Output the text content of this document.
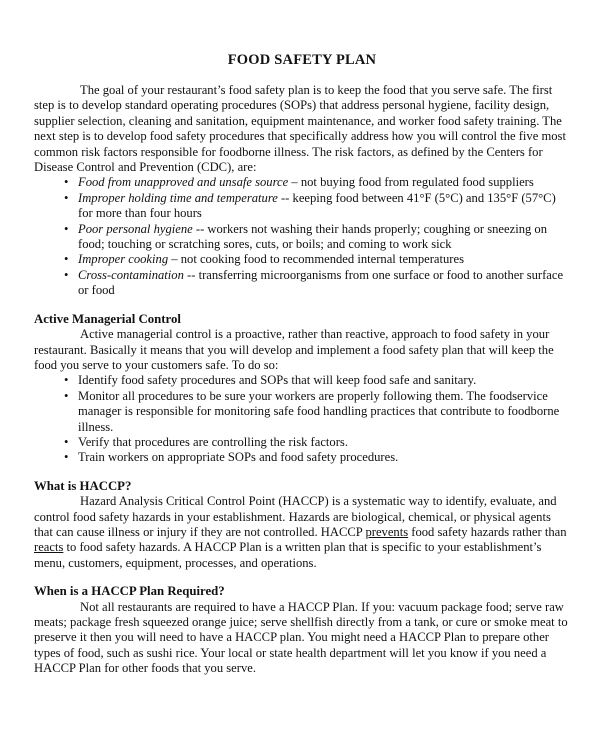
FOOD SAFETY PLAN

The goal of your restaurant’s food safety plan is to keep the food that you serve safe. The first step is to develop standard operating procedures (SOPs) that address personal hygiene, facility design, supplier selection, cleaning and sanitation, equipment maintenance, and worker food safety training. The next step is to develop food safety procedures that specifically address how you will control the five most common risk factors responsible for foodborne illness. The risk factors, as defined by the Centers for Disease Control and Prevention (CDC), are:

• Food from unapproved and unsafe source – not buying food from regulated food suppliers
• Improper holding time and temperature -- keeping food between 41°F (5°C) and 135°F (57°C) for more than four hours
• Poor personal hygiene -- workers not washing their hands properly; coughing or sneezing on food; touching or scratching sores, cuts, or boils; and coming to work sick
• Improper cooking – not cooking food to recommended internal temperatures
• Cross-contamination -- transferring microorganisms from one surface or food to another surface or food
Active Managerial Control

Active managerial control is a proactive, rather than reactive, approach to food safety in your restaurant. Basically it means that you will develop and implement a food safety plan that will keep the food you serve to your customers safe. To do so:

• Identify food safety procedures and SOPs that will keep food safe and sanitary.
• Monitor all procedures to be sure your workers are properly following them. The foodservice manager is responsible for monitoring safe food handling practices that contribute to foodborne illness.
• Verify that procedures are controlling the risk factors.
• Train workers on appropriate SOPs and food safety procedures.
What is HACCP?

Hazard Analysis Critical Control Point (HACCP) is a systematic way to identify, evaluate, and control food safety hazards in your establishment. Hazards are biological, chemical, or physical agents that can cause illness or injury if they are not controlled. HACCP prevents food safety hazards rather than reacts to food safety hazards. A HACCP Plan is a written plan that is specific to your establishment’s menu, customers, equipment, processes, and operations.

When is a HACCP Plan Required?

Not all restaurants are required to have a HACCP Plan. If you: vacuum package food; serve raw meats; package fresh squeezed orange juice; serve shellfish directly from a tank, or cure or smoke meat to preserve it then you will need to have a HACCP plan. You might need a HACCP Plan to prepare other types of food, such as sushi rice. Your local or state health department will let you know if you need a HACCP Plan for other foods that you serve.
